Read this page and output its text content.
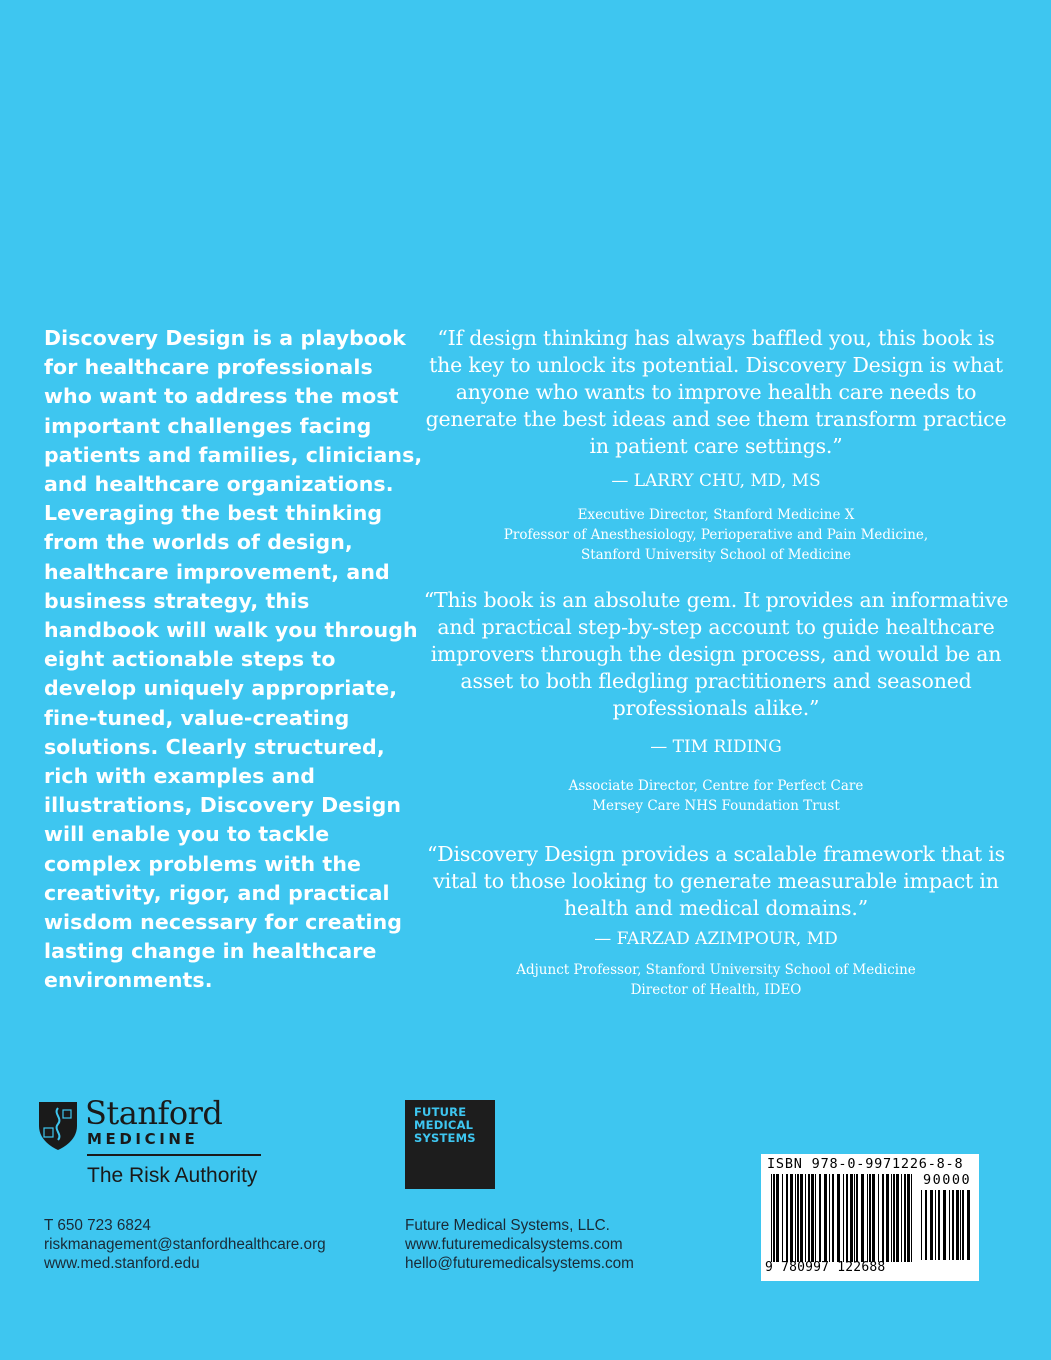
Discovery Design is a playbook for healthcare professionals who want to address the most important challenges facing patients and families, clinicians, and healthcare organizations. Leveraging the best thinking from the worlds of design, healthcare improvement, and business strategy, this handbook will walk you through eight actionable steps to develop uniquely appropriate, fine-tuned, value-creating solutions. Clearly structured, rich with examples and illustrations, Discovery Design will enable you to tackle complex problems with the creativity, rigor, and practical wisdom necessary for creating lasting change in healthcare environments.

“If design thinking has always baffled you, this book is the key to unlock its potential. Discovery Design is what anyone who wants to improve health care needs to generate the best ideas and see them transform practice in patient care settings.”

— LARRY CHU, MD, MS

Executive Director, Stanford Medicine X

Professor of Anesthesiology, Perioperative and Pain Medicine,

Stanford University School of Medicine

“This book is an absolute gem. It provides an informative and practical step-by-step account to guide healthcare improvers through the design process, and would be an asset to both fledgling practitioners and seasoned professionals alike.”

— TIM RIDING

Associate Director, Centre for Perfect Care

Mersey Care NHS Foundation Trust

“Discovery Design provides a scalable framework that is vital to those looking to generate measurable impact in health and medical domains.”

— FARZAD AZIMPOUR, MD

Adjunct Professor, Stanford University School of Medicine

Director of Health, IDEO

Stanford
MEDICINE
The Risk Authority
FUTURE
MEDICAL
SYSTEMS
T 650 723 6824
riskmanagement@stanfordhealthcare.org
www.med.stanford.edu
Future Medical Systems, LLC.
www.futuremedicalsystems.com
hello@futuremedicalsystems.com
ISBN 978-0-9971226-8-8
90000
9 780997 122688
